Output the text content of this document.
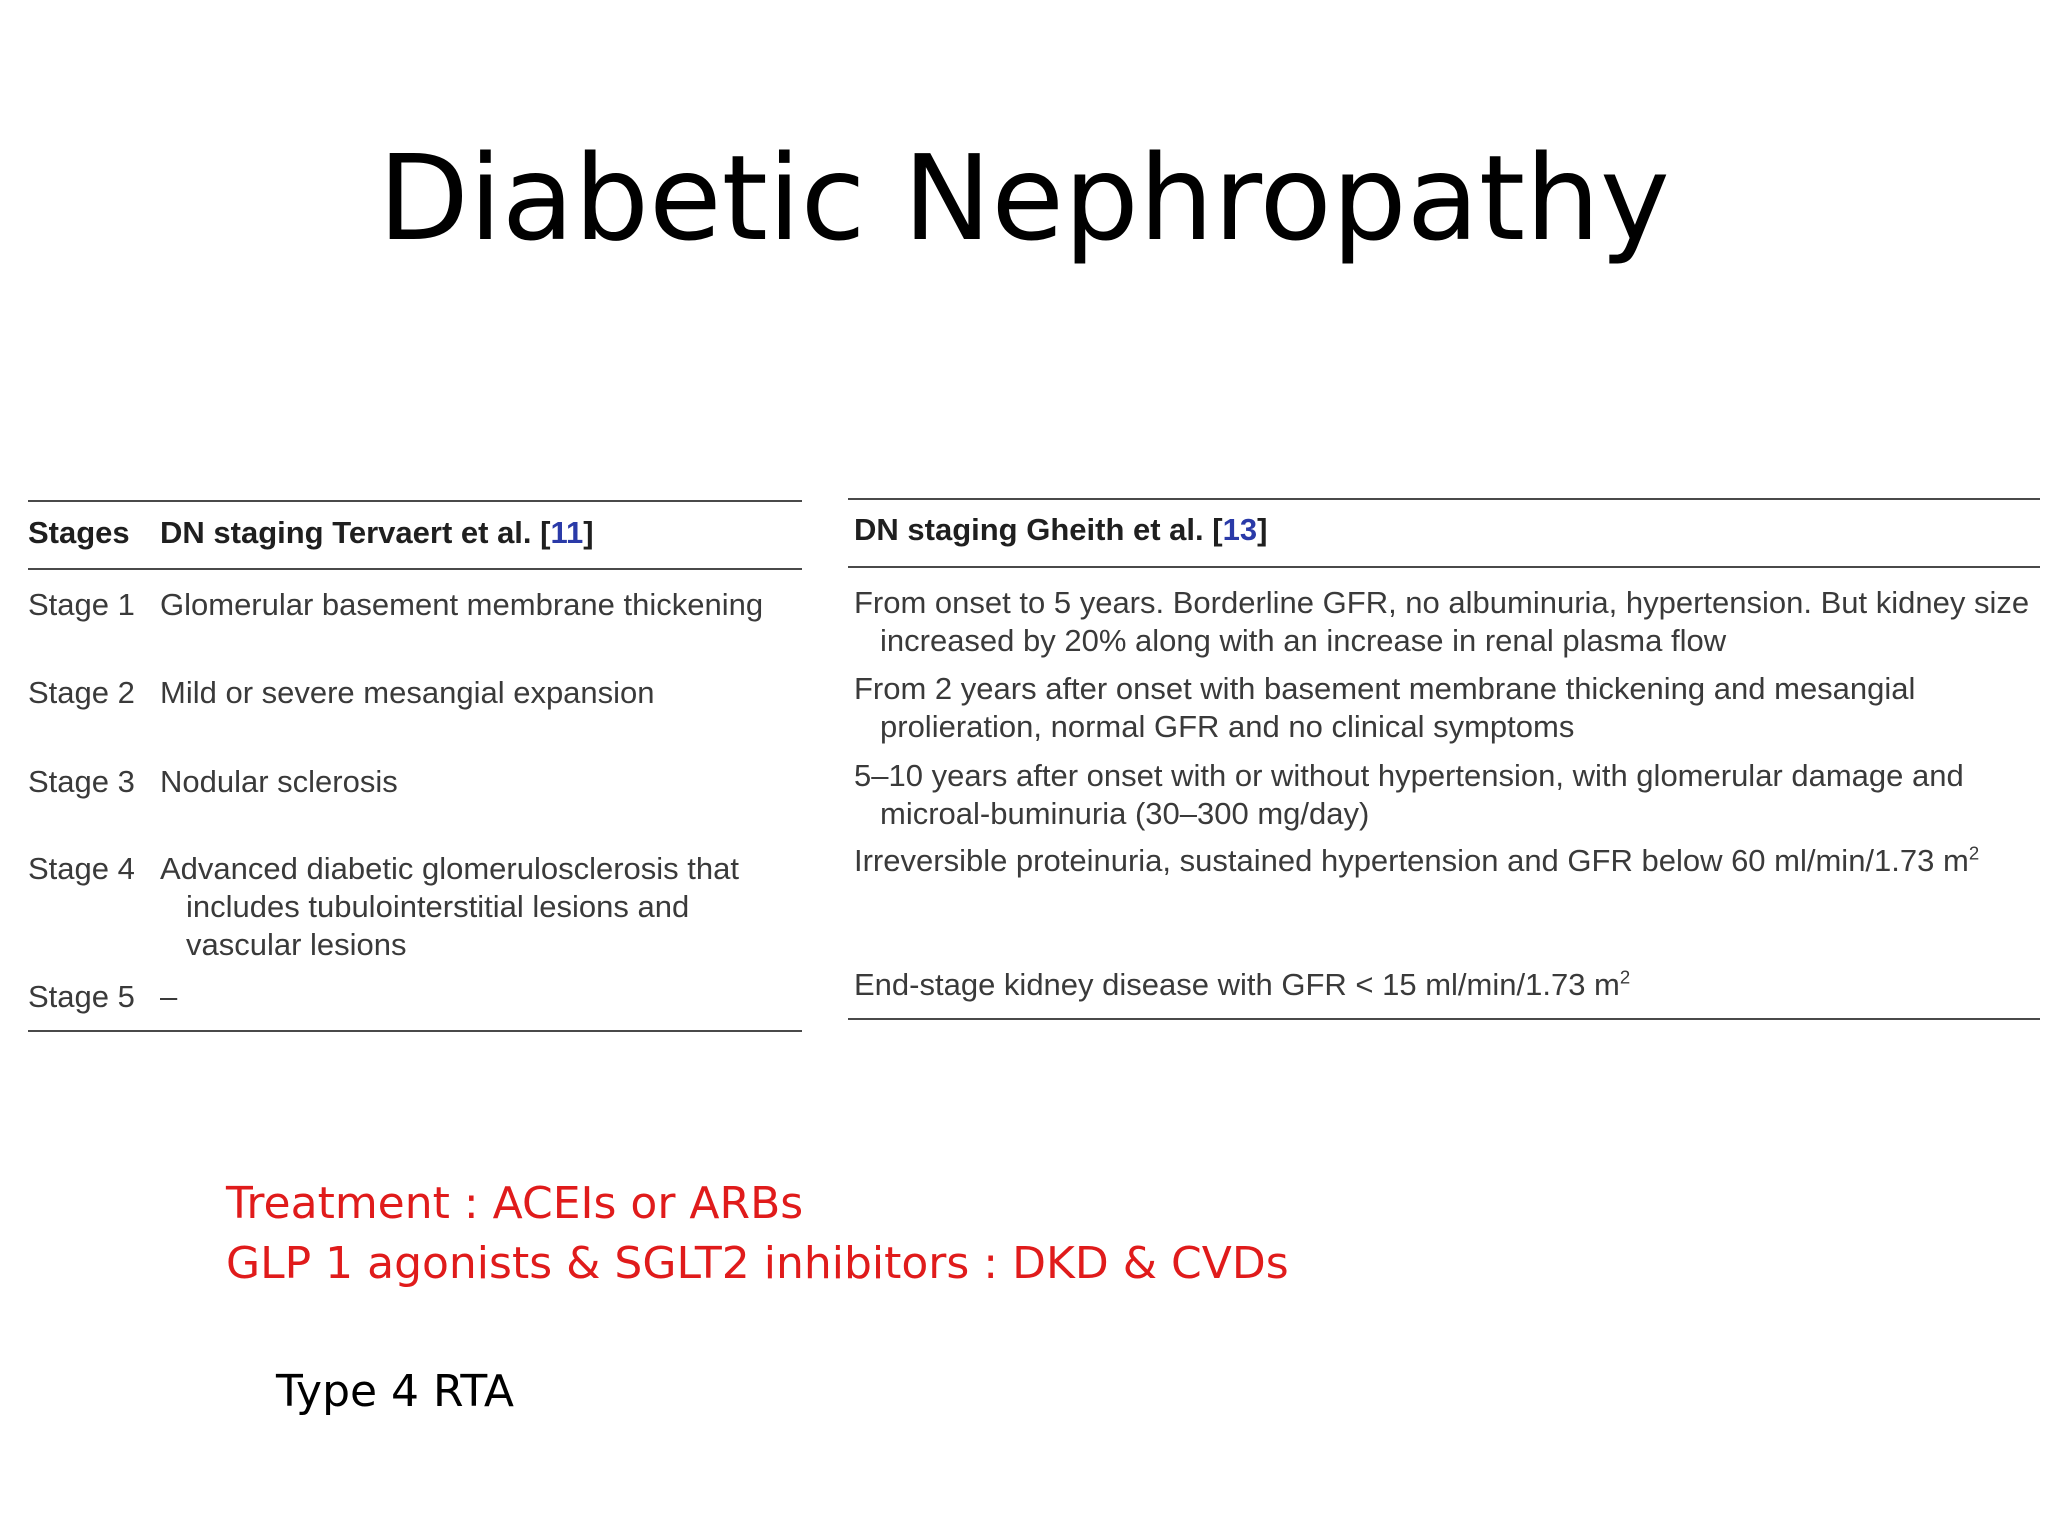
Diabetic Nephropathy
Stages DN staging Tervaert et al. [11]
Stage 1 Glomerular basement membrane thickening
Stage 2 Mild or severe mesangial expansion
Stage 3 Nodular sclerosis
Stage 4 Advanced diabetic glomerulosclerosis that includes tubulointerstitial lesions and vascular lesions
Stage 5 –
DN staging Gheith et al. [13]
From onset to 5 years. Borderline GFR, no albuminuria, hypertension. But kidney size increased by 20% along with an increase in renal plasma flow
From 2 years after onset with basement membrane thickening and mesangial prolieration, normal GFR and no clinical symptoms
5–10 years after onset with or without hypertension, with glomerular damage and microal-buminuria (30–300 mg/day)
Irreversible proteinuria, sustained hypertension and GFR below 60 ml/min/1.73 $m^2$
End-stage kidney disease with GFR < 15 ml/min/1.73 $m^2$
Treatment : ACEIs or ARBs
GLP 1 agonists & SGLT2 inhibitors : DKD & CVDs
Type 4 RTA
